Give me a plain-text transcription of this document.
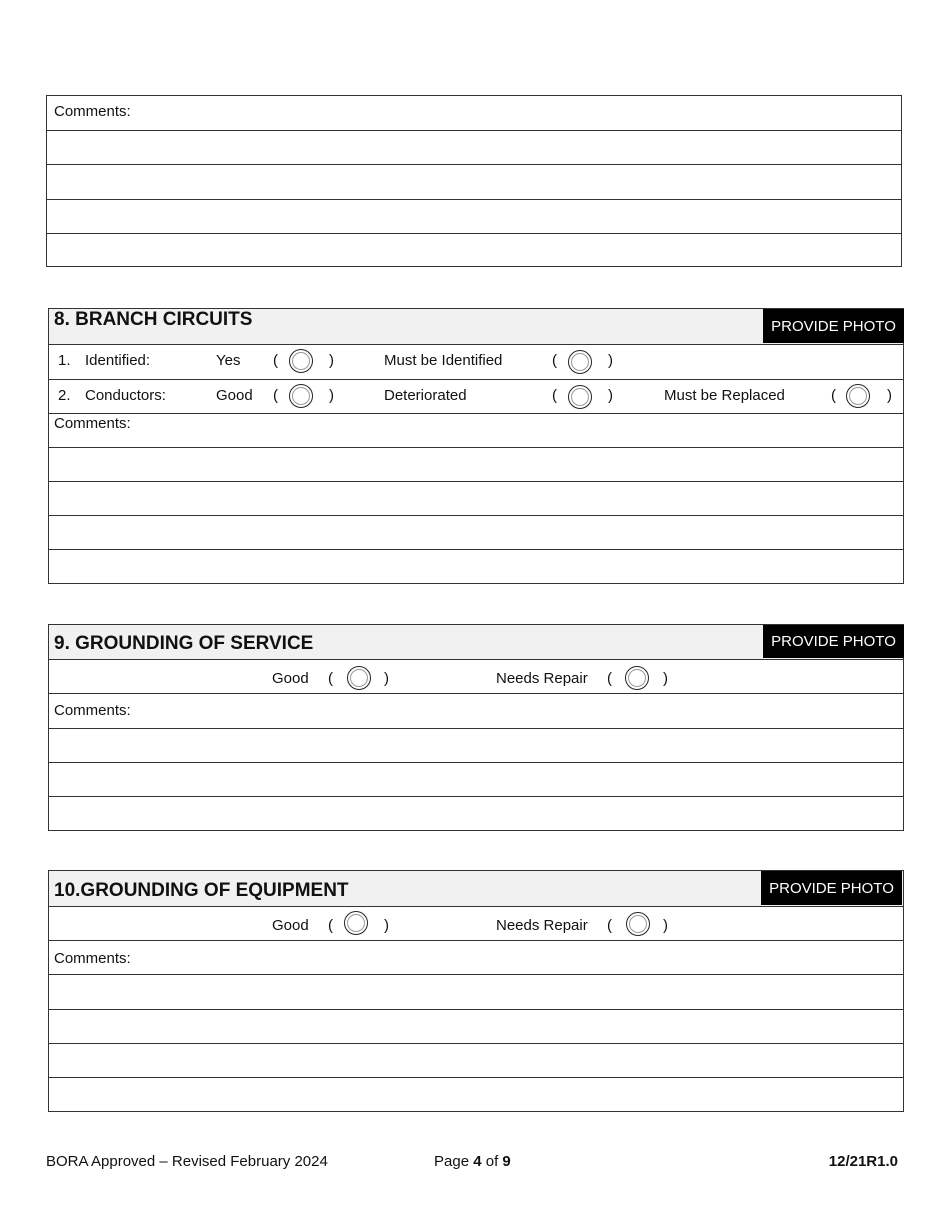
Comments:
8. BRANCH CIRCUITS	PROVIDE PHOTO
1. Identified:	Yes (	)	Must be Identified	(	)
2. Conductors:	Good (	)	Deteriorated	(	)	Must be Replaced	(	)
Comments:
9. GROUNDING OF SERVICE	PROVIDE PHOTO
Good (	)	Needs Repair (	)
Comments:
10.GROUNDING OF EQUIPMENT	PROVIDE PHOTO
Good (	)	Needs Repair (	)
Comments:
BORA Approved – Revised February 2024	Page 4 of 9	12/21R1.0
